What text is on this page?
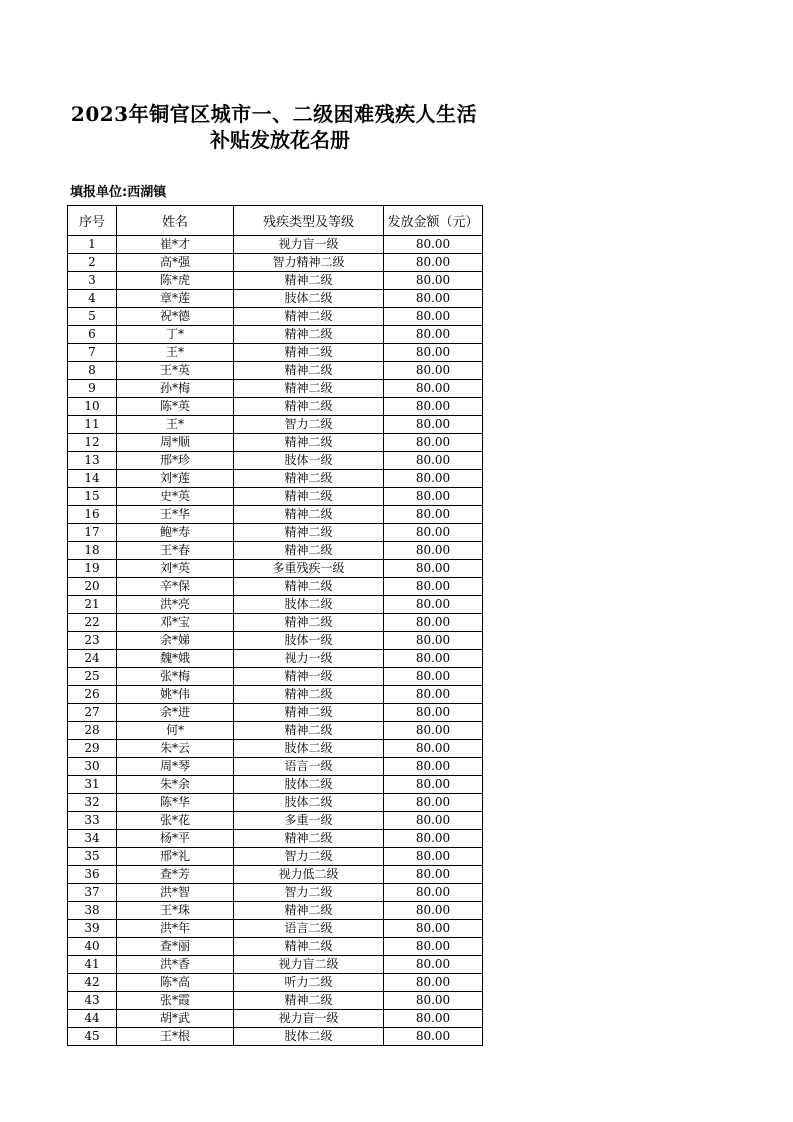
2023年铜官区城市一、二级困难残疾人生活
补贴发放花名册
填报单位:西湖镇
序号	姓名	残疾类型及等级	发放金额（元）
1	崔*才	视力盲一级	80.00
2	高*强	智力精神二级	80.00
3	陈*虎	精神二级	80.00
4	章*莲	肢体二级	80.00
5	祝*德	精神二级	80.00
6	丁*	精神二级	80.00
7	王*	精神二级	80.00
8	王*英	精神二级	80.00
9	孙*梅	精神二级	80.00
10	陈*英	精神二级	80.00
11	王*	智力二级	80.00
12	周*顺	精神二级	80.00
13	邢*珍	肢体一级	80.00
14	刘*莲	精神二级	80.00
15	史*英	精神二级	80.00
16	王*华	精神二级	80.00
17	鲍*寿	精神二级	80.00
18	王*春	精神二级	80.00
19	刘*英	多重残疾一级	80.00
20	辛*保	精神二级	80.00
21	洪*亮	肢体二级	80.00
22	邓*宝	精神二级	80.00
23	余*娣	肢体一级	80.00
24	魏*娥	视力一级	80.00
25	张*梅	精神一级	80.00
26	姚*伟	精神二级	80.00
27	余*进	精神二级	80.00
28	何*	精神二级	80.00
29	朱*云	肢体二级	80.00
30	周*琴	语言一级	80.00
31	朱*余	肢体二级	80.00
32	陈*华	肢体二级	80.00
33	张*花	多重一级	80.00
34	杨*平	精神二级	80.00
35	邢*礼	智力二级	80.00
36	查*芳	视力低二级	80.00
37	洪*智	智力二级	80.00
38	王*珠	精神二级	80.00
39	洪*年	语言二级	80.00
40	查*丽	精神二级	80.00
41	洪*香	视力盲二级	80.00
42	陈*高	听力二级	80.00
43	张*霞	精神二级	80.00
44	胡*武	视力盲一级	80.00
45	王*根	肢体二级	80.00
